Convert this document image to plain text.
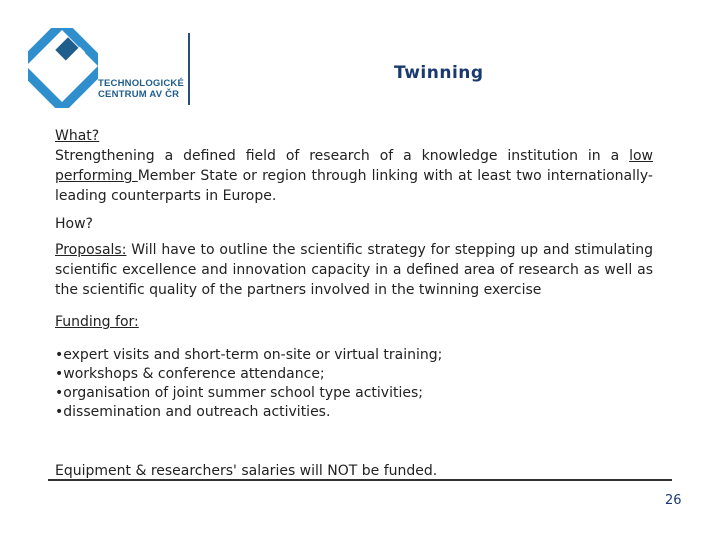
TECHNOLOGICKÉ
CENTRUM AV ČR
Twinning

What?

Strengthening a defined field of research of a knowledge institution in a low performing Member State or region through linking with at least two internationally-leading counterparts in Europe.

How?

Proposals: Will have to outline the scientific strategy for stepping up and stimulating scientific excellence and innovation capacity in a defined area of research as well as the scientific quality of the partners involved in the twinning exercise

Funding for:

•expert visits and short-term on-site or virtual training;
•workshops & conference attendance;
•organisation of joint summer school type activities;
•dissemination and outreach activities.
Equipment & researchers' salaries will NOT be funded.
26
